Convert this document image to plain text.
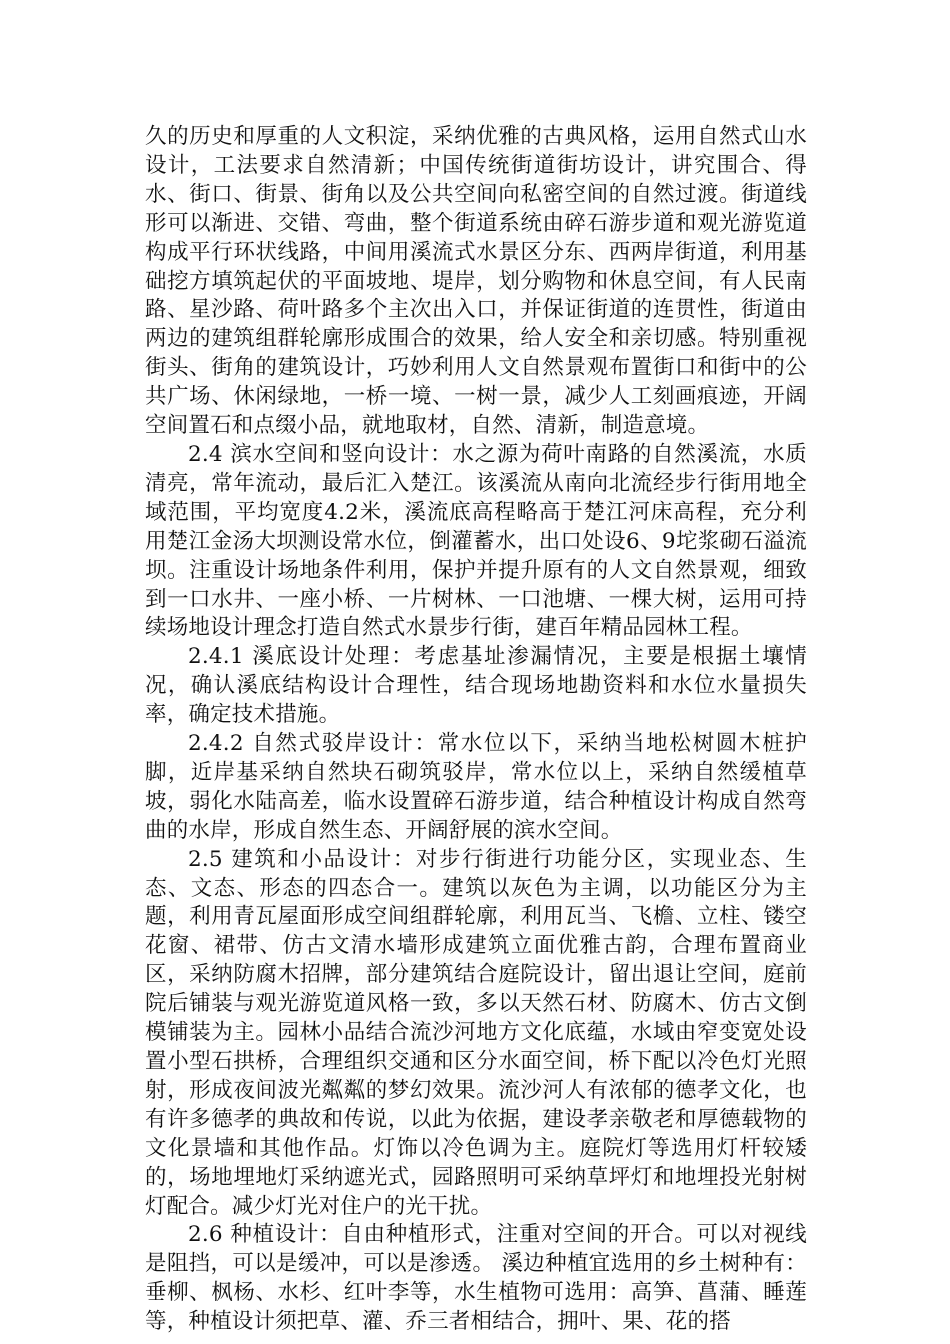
久的历史和厚重的人文积淀，采纳优雅的古典风格，运用自然式山水设计，工法要求自然清新；中国传统街道街坊设计，讲究围合、得水、街口、街景、街角以及公共空间向私密空间的自然过渡。街道线形可以渐进、交错、弯曲，整个街道系统由碎石游步道和观光游览道构成平行环状线路，中间用溪流式水景区分东、西两岸街道，利用基础挖方填筑起伏的平面坡地、堤岸，划分购物和休息空间，有人民南路、星沙路、荷叶路多个主次出入口，并保证街道的连贯性，街道由两边的建筑组群轮廓形成围合的效果，给人安全和亲切感。特别重视街头、街角的建筑设计，巧妙利用人文自然景观布置街口和街中的公共广场、休闲绿地，一桥一境、一树一景，减少人工刻画痕迹，开阔空间置石和点缀小品，就地取材，自然、清新，制造意境。

2.4 滨水空间和竖向设计：水之源为荷叶南路的自然溪流，水质清亮，常年流动，最后汇入楚江。该溪流从南向北流经步行街用地全域范围，平均宽度4.2米，溪流底高程略高于楚江河床高程，充分利用楚江金汤大坝测设常水位，倒灌蓄水，出口处设6、9坨浆砌石溢流坝。注重设计场地条件利用，保护并提升原有的人文自然景观，细致到一口水井、一座小桥、一片树林、一口池塘、一棵大树，运用可持续场地设计理念打造自然式水景步行街，建百年精品园林工程。

2.4.1 溪底设计处理：考虑基址渗漏情况，主要是根据土壤情况，确认溪底结构设计合理性，结合现场地勘资料和水位水量损失率，确定技术措施。

2.4.2 自然式驳岸设计：常水位以下，采纳当地松树圆木桩护脚，近岸基采纳自然块石砌筑驳岸，常水位以上，采纳自然缓植草坡，弱化水陆高差，临水设置碎石游步道，结合种植设计构成自然弯曲的水岸，形成自然生态、开阔舒展的滨水空间。

2.5 建筑和小品设计：对步行街进行功能分区，实现业态、生态、文态、形态的四态合一。建筑以灰色为主调，以功能区分为主题，利用青瓦屋面形成空间组群轮廓，利用瓦当、飞檐、立柱、镂空花窗、裙带、仿古文清水墙形成建筑立面优雅古韵，合理布置商业区，采纳防腐木招牌，部分建筑结合庭院设计，留出退让空间，庭前院后铺装与观光游览道风格一致，多以天然石材、防腐木、仿古文倒模铺装为主。园林小品结合流沙河地方文化底蕴，水域由窄变宽处设置小型石拱桥，合理组织交通和区分水面空间，桥下配以冷色灯光照射，形成夜间波光粼粼的梦幻效果。流沙河人有浓郁的德孝文化，也有许多德孝的典故和传说，以此为依据，建设孝亲敬老和厚德载物的文化景墙和其他作品。灯饰以冷色调为主。庭院灯等选用灯杆较矮的，场地埋地灯采纳遮光式，园路照明可采纳草坪灯和地埋投光射树灯配合。减少灯光对住户的光干扰。

2.6 种植设计：自由种植形式，注重对空间的开合。可以对视线是阻挡，可以是缓冲，可以是渗透。 溪边种植宜选用的乡土树种有：垂柳、枫杨、水杉、红叶李等，水生植物可选用：高笋、菖蒲、睡莲等，种植设计须把草、灌、乔三者相结合，拥叶、果、花的搭
